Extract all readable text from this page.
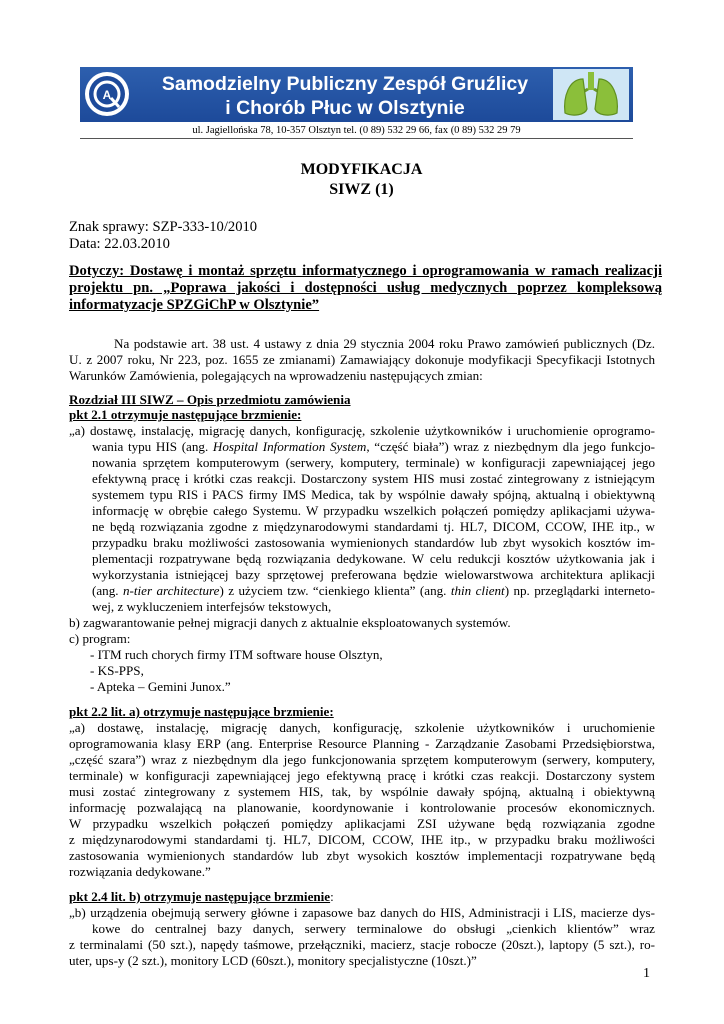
A	Samodzielny Publiczny Zespół Gruźlicy
i Chorób Płuc w Olsztynie
ul. Jagiellońska 78, 10-357 Olsztyn tel. (0 89) 532 29 66, fax (0 89) 532 29 79
MODYFIKACJA
SIWZ (1)
Znak sprawy: SZP-333-10/2010
Data: 22.03.2010
Dotyczy: Dostawę i montaż sprzętu informatycznego i oprogramowania w ramach realizacji
projektu pn. „Poprawa jakości i dostępności usług medycznych poprzez kompleksową
informatyzacje SPZGiChP w Olsztynie”
Na podstawie art. 38 ust. 4 ustawy z dnia 29 stycznia 2004 roku Prawo zamówień publicznych (Dz.
U. z 2007 roku, Nr 223, poz. 1655 ze zmianami) Zamawiający dokonuje modyfikacji Specyfikacji Istotnych
Warunków Zamówienia, polegających na wprowadzeniu następujących zmian:
Rozdział III SIWZ – Opis przedmiotu zamówienia
pkt 2.1 otrzymuje następujące brzmienie:
„a) dostawę, instalację, migrację danych, konfigurację, szkolenie użytkowników i uruchomienie oprogramo-
wania typu HIS (ang. Hospital Information System, “część biała”) wraz z niezbędnym dla jego funkcjo-
nowania sprzętem komputerowym (serwery, komputery, terminale) w konfiguracji zapewniającej jego
efektywną pracę i krótki czas reakcji. Dostarczony system HIS musi zostać zintegrowany z istniejącym
systemem typu RIS i PACS firmy IMS Medica, tak by wspólnie dawały spójną, aktualną i obiektywną
informację w obrębie całego Systemu. W przypadku wszelkich połączeń pomiędzy aplikacjami używa-
ne będą rozwiązania zgodne z międzynarodowymi standardami tj. HL7, DICOM, CCOW, IHE itp., w
przypadku braku możliwości zastosowania wymienionych standardów lub zbyt wysokich kosztów im-
plementacji rozpatrywane będą rozwiązania dedykowane. W celu redukcji kosztów użytkowania jak i
wykorzystania istniejącej bazy sprzętowej preferowana będzie wielowarstwowa architektura aplikacji
(ang. n-tier architecture) z użyciem tzw. “cienkiego klienta” (ang. thin client) np. przeglądarki interneto-
wej, z wykluczeniem interfejsów tekstowych,
b) zagwarantowanie pełnej migracji danych z aktualnie eksploatowanych systemów.
c) program:
- ITM ruch chorych firmy ITM software house Olsztyn,
- KS-PPS,
- Apteka – Gemini Junox.”
pkt 2.2 lit. a) otrzymuje następujące brzmienie:
„a) dostawę, instalację, migrację danych, konfigurację, szkolenie użytkowników i uruchomienie
oprogramowania klasy ERP (ang. Enterprise Resource Planning - Zarządzanie Zasobami Przedsiębiorstwa,
„część szara”) wraz z niezbędnym dla jego funkcjonowania sprzętem komputerowym (serwery, komputery,
terminale) w konfiguracji zapewniającej jego efektywną pracę i krótki czas reakcji. Dostarczony system
musi zostać zintegrowany z systemem HIS, tak, by wspólnie dawały spójną, aktualną i obiektywną
informację pozwalającą na planowanie, koordynowanie i kontrolowanie procesów ekonomicznych.
W przypadku wszelkich połączeń pomiędzy aplikacjami ZSI używane będą rozwiązania zgodne
z międzynarodowymi standardami tj. HL7, DICOM, CCOW, IHE itp., w przypadku braku możliwości
zastosowania wymienionych standardów lub zbyt wysokich kosztów implementacji rozpatrywane będą
rozwiązania dedykowane.”
pkt 2.4 lit. b) otrzymuje następujące brzmienie:
„b) urządzenia obejmują serwery główne i zapasowe baz danych do HIS, Administracji i LIS, macierze dys-
kowe do centralnej bazy danych, serwery terminalowe do obsługi „cienkich klientów” wraz
z terminalami (50 szt.), napędy taśmowe, przełączniki, macierz, stacje robocze (20szt.), laptopy (5 szt.), ro-
uter, ups-y (2 szt.), monitory LCD (60szt.), monitory specjalistyczne (10szt.)”
1
